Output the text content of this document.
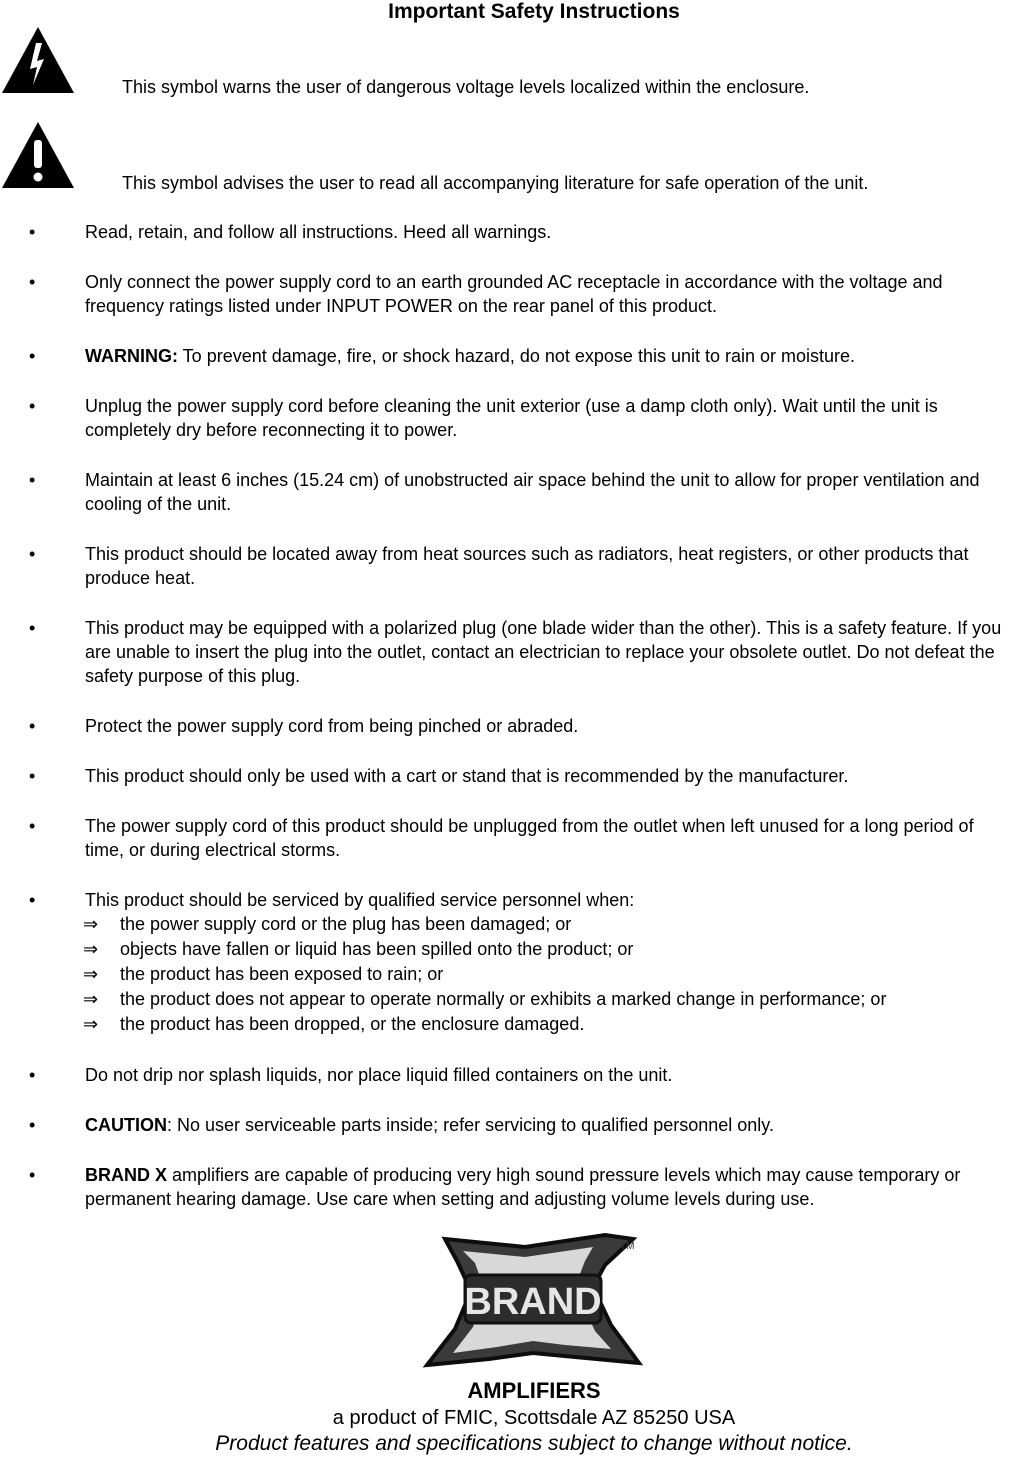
Important Safety Instructions
This symbol warns the user of dangerous voltage levels localized within the enclosure.
This symbol advises the user to read all accompanying literature for safe operation of the unit.
•	Read, retain, and follow all instructions. Heed all warnings.
•	Only connect the power supply cord to an earth grounded AC receptacle in accordance with the voltage and frequency ratings listed under INPUT POWER on the rear panel of this product.
•	WARNING: To prevent damage, fire, or shock hazard, do not expose this unit to rain or moisture.
•	Unplug the power supply cord before cleaning the unit exterior (use a damp cloth only). Wait until the unit is completely dry before reconnecting it to power.
•	Maintain at least 6 inches (15.24 cm) of unobstructed air space behind the unit to allow for proper ventilation and cooling of the unit.
•	This product should be located away from heat sources such as radiators, heat registers, or other products that produce heat.
•	This product may be equipped with a polarized plug (one blade wider than the other). This is a safety feature. If you are unable to insert the plug into the outlet, contact an electrician to replace your obsolete outlet. Do not defeat the safety purpose of this plug.
•	Protect the power supply cord from being pinched or abraded.
•	This product should only be used with a cart or stand that is recommended by the manufacturer.
•	The power supply cord of this product should be unplugged from the outlet when left unused for a long period of time, or during electrical storms.
•	This product should be serviced by qualified service personnel when:
⇒ the power supply cord or the plug has been damaged; or
⇒ objects have fallen or liquid has been spilled onto the product; or
⇒ the product has been exposed to rain; or
⇒ the product does not appear to operate normally or exhibits a marked change in performance; or
⇒ the product has been dropped, or the enclosure damaged.
•	Do not drip nor splash liquids, nor place liquid filled containers on the unit.
•	CAUTION: No user serviceable parts inside; refer servicing to qualified personnel only.
•	BRAND X amplifiers are capable of producing very high sound pressure levels which may cause temporary or permanent hearing damage. Use care when setting and adjusting volume levels during use.
BRAND
TM
AMPLIFIERS
a product of FMIC, Scottsdale AZ 85250 USA
Product features and specifications subject to change without notice.
